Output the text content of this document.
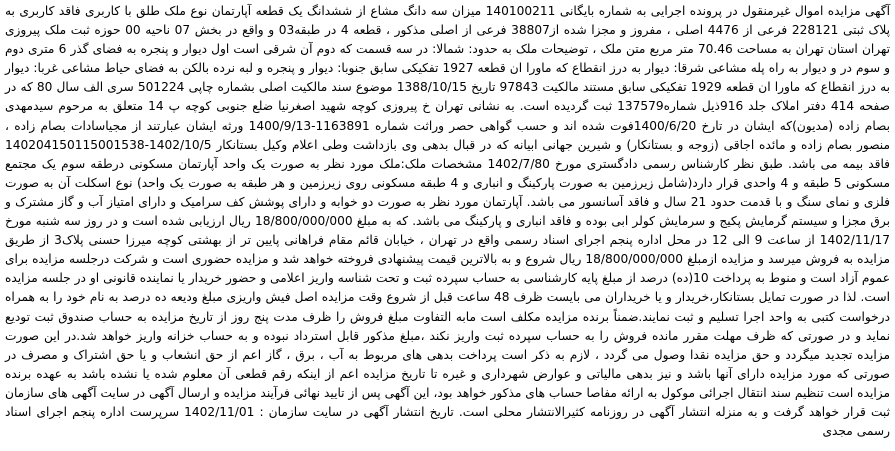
آگهی مزایده اموال غیرمنقول در پرونده اجرایی به شماره بایگانی 140100211 میزان سه دانگ مشاع از ششدانگ یک قطعه آپارتمان نوع ملک طلق با کاربری فاقد کاربری به پلاک ثبتی 228121 فرعی از 4476 اصلی ، مفروز و مجزا شده از38807 فرعی از اصلی مذکور ، قطعه 4 در طبقه03 و واقع در بخش 07 ناحیه 00 حوزه ثبت ملک پیروزی تهران استان تهران به مساحت 70.46 متر مربع متن ملک ، توضیحات ملک به حدود: شمالا: در سه قسمت که دوم آن شرقی است اول دیوار و پنجره به فضای گذر 6 متری دوم و سوم در و دیوار به راه پله مشاعی شرقا: دیوار به درز انقطاع که ماورا ان قطعه 1927 تفکیکی سابق جنوبا: دیوار و پنجره و لبه نرده بالکن به فضای حیاط مشاعی غربا: دیوار به درز انقطاع که ماورا ان قطعه 1929 تفکیکی سابق مستند مالکیت 97843 تاریخ 1388/10/15 موضوع سند مالکیت اصلی بشماره چاپی 501224 سری الف سال 80 که در صفحه 414 دفتر املاک جلد 916ذیل شماره137579 ثبت گردیده است. به نشانی تهران خ پیروزی کوچه شهید اصغرنیا ضلع جنوبی کوچه پ 14 متعلق به مرحوم سیدمهدی بصام زاده (مدیون)که ایشان در تارخ 1400/6/20فوت شده اند و حسب گواهی حصر وراثت شماره 1163891-1400/9/13 ورثه ایشان عبارتند از مجیاسادات بصام زاده ، منصور بصام زاده و مائده اجاقی (زوجه و بستانکار) و شیرین جهانی ابیانه که در قبال بدهی وی بازداشت وطی اعلام وکیل بستانکار 1402/10/5-140204150115001538 فاقد بیمه می باشد. طبق نظر کارشناس رسمی دادگستری مورخ 1402/7/80 مشخصات ملک:ملک مورد نظر به صورت یک واحد آپارتمان مسکونی درطقه سوم یک مجتمع مسکونی 5 طبقه و 4 واحدی قرار دارد(شامل زیرزمین به صورت پارکینگ و انباری و 4 طبقه مسکونی روی زیرزمین و هر طبقه به صورت یک واحد) نوع اسکلت آن به صورت فلزی و نمای سنگ و با قدمت حدود 21 سال و فاقد آسانسور می باشد. آپارتمان مورد نظر به صورت دو خوابه و دارای پوشش کف سرامیک و دارای امتیاز آب و گاز مشترک و برق مجزا و سیستم گرمایش پکیج و سرمایش کولر ابی بوده و فاقد انباری و پارکینگ می باشد. که به مبلغ 18/800/000/000 ریال ارزیابی شده است و در روز سه شنبه مورخ 1402/11/17 از ساعت 9 الی 12 در محل اداره پنجم اجرای اسناد رسمی واقع در تهران ، خیابان قائم مقام فراهانی پایین تر از بهشتی کوچه میرزا حسنی پلاک3 از طریق مزایده به فروش میرسد و مزایده ازمبلغ 18/800/000/000 ریال شروع و به بالاترین قیمت پیشنهادی فروخته خواهد شد و مزایده حضوری است و شرکت درجلسه مزایده برای عموم آزاد است و منوط به پرداخت 10(ده) درصد از مبلغ پایه کارشناسی به حساب سپرده ثبت و تحت شناسه واریز اعلامی و حضور خریدار یا نماینده قانونی او در جلسه مزایده است. لذا در صورت تمایل بستانکار،خریدار و یا خریداران می بایست ظرف 48 ساعت قبل از شروع وقت مزایده اصل فیش واریزی مبلغ ودیعه ده درصد به نام خود را به همراه درخواست کتبی به واحد اجرا تسلیم و ثبت نمایند.ضمناً برنده مزایده مکلف است مابه التفاوت مبلغ فروش را ظرف مدت پنج روز از تاریخ مزایده به حساب صندوق ثبت تودیع نماید و در صورتی که ظرف مهلت مقرر مانده فروش را به حساب سپرده ثبت واریز نکند ،مبلغ مذکور قابل استرداد نبوده و به حساب خزانه واریز خواهد شد.در این صورت مزایده تجدید میگردد و حق مزایده نقدا وصول می گردد ، لازم به ذکر است پرداخت بدهی های مربوط به آب ، برق ، گاز اعم از حق انشعاب و یا حق اشتراک و مصرف در صورتی که مورد مزایده دارای آنها باشد و نیز بدهی مالیاتی و عوارض شهرداری و غیره تا تاریخ مزایده اعم از اینکه رقم قطعی آن معلوم شده یا نشده باشد به عهده برنده مزایده است تنظیم سند انتقال اجرائی موکول به ارائه مفاصا حساب های مذکور خواهد بود، این آگهی پس از تایید نهائی فرآیند مزایده و ارسال آگهی در سایت آگهی های سازمان ثبت قرار خواهد گرفت و به منزله انتشار آگهی در روزنامه کثیرالانتشار محلی است. تاریخ انتشار آگهی در سایت سازمان : 1402/11/01 سرپرست اداره پنجم اجرای اسناد رسمی مجدی
